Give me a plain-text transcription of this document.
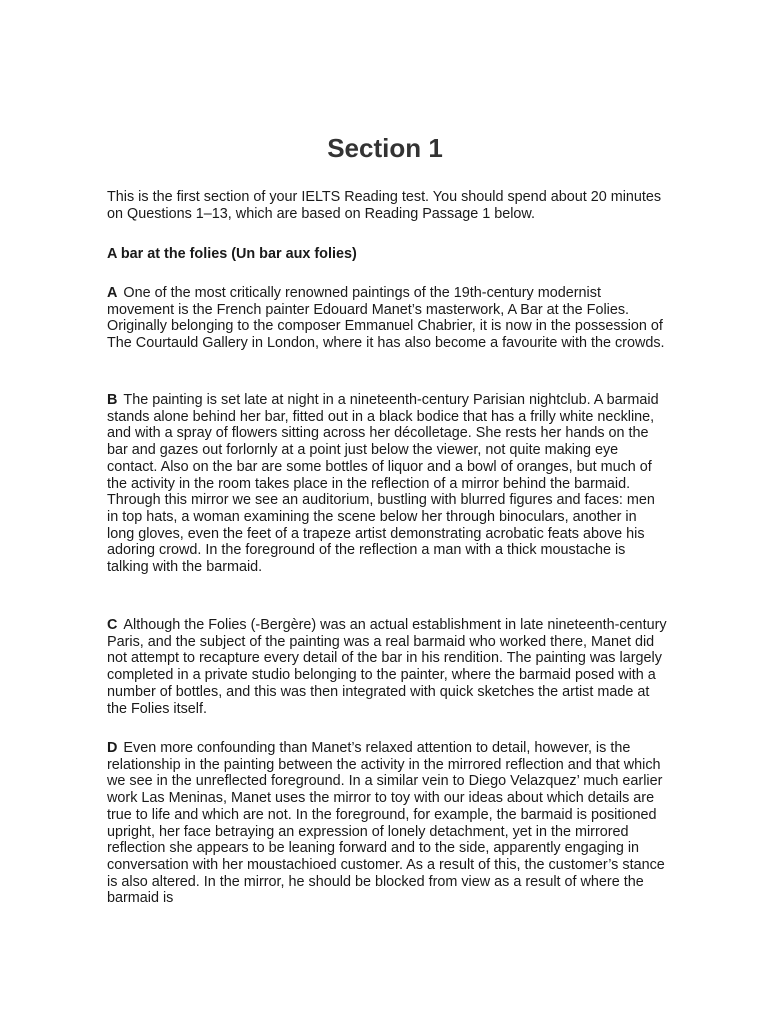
Section 1

This is the first section of your IELTS Reading test. You should spend about 20 minutes on Questions 1–13, which are based on Reading Passage 1 below.

A bar at the folies (Un bar aux folies)

A One of the most critically renowned paintings of the 19th-century modernist movement is the French painter Edouard Manet’s masterwork, A Bar at the Folies. Originally belonging to the composer Emmanuel Chabrier, it is now in the possession of The Courtauld Gallery in London, where it has also become a favourite with the crowds.

B The painting is set late at night in a nineteenth-century Parisian nightclub. A barmaid stands alone behind her bar, fitted out in a black bodice that has a frilly white neckline, and with a spray of flowers sitting across her décolletage. She rests her hands on the bar and gazes out forlornly at a point just below the viewer, not quite making eye contact. Also on the bar are some bottles of liquor and a bowl of oranges, but much of the activity in the room takes place in the reflection of a mirror behind the barmaid. Through this mirror we see an auditorium, bustling with blurred figures and faces: men in top hats, a woman examining the scene below her through binoculars, another in long gloves, even the feet of a trapeze artist demonstrating acrobatic feats above his adoring crowd. In the foreground of the reflection a man with a thick moustache is talking with the barmaid.

C Although the Folies (-Bergère) was an actual establishment in late nineteenth-century Paris, and the subject of the painting was a real barmaid who worked there, Manet did not attempt to recapture every detail of the bar in his rendition. The painting was largely completed in a private studio belonging to the painter, where the barmaid posed with a number of bottles, and this was then integrated with quick sketches the artist made at the Folies itself.

D Even more confounding than Manet’s relaxed attention to detail, however, is the relationship in the painting between the activity in the mirrored reflection and that which we see in the unreflected foreground. In a similar vein to Diego Velazquez’ much earlier work Las Meninas, Manet uses the mirror to toy with our ideas about which details are true to life and which are not. In the foreground, for example, the barmaid is positioned upright, her face betraying an expression of lonely detachment, yet in the mirrored reflection she appears to be leaning forward and to the side, apparently engaging in conversation with her moustachioed customer. As a result of this, the customer’s stance is also altered. In the mirror, he should be blocked from view as a result of where the barmaid is
